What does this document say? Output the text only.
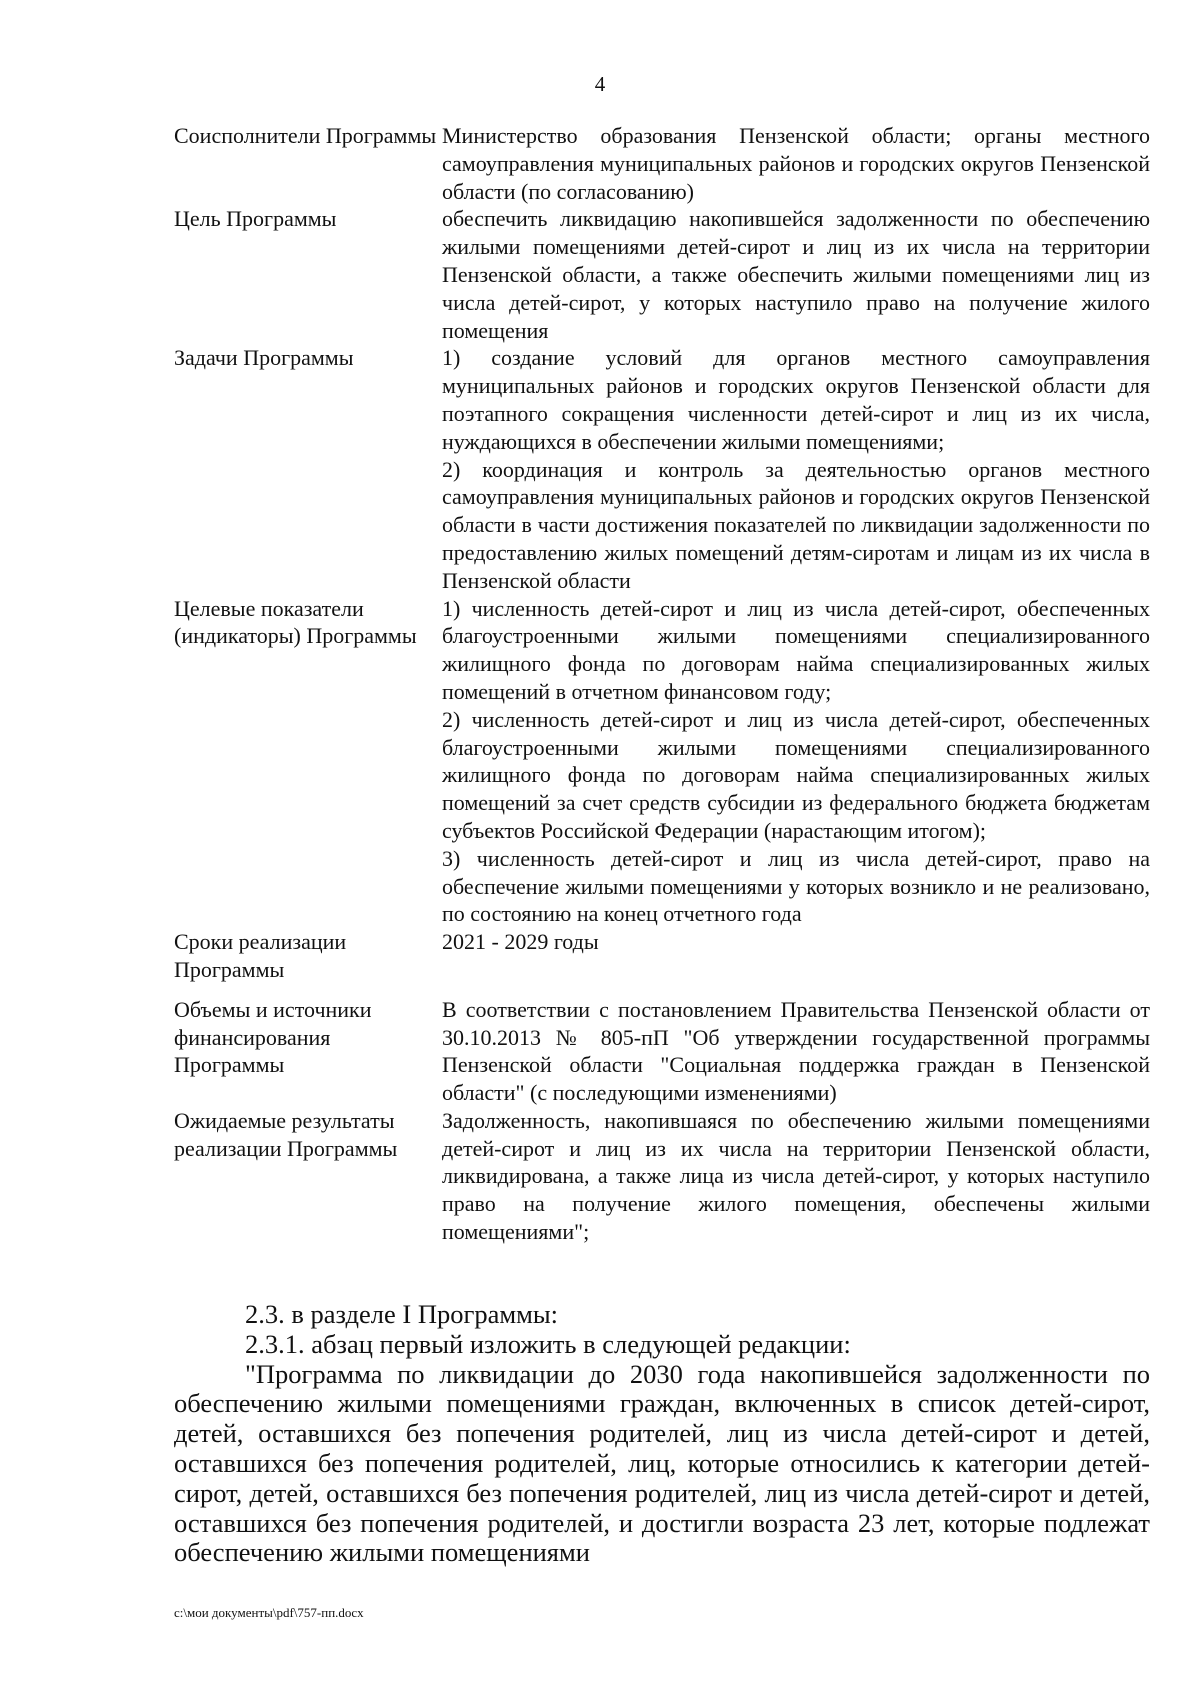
4
Соисполнители Программы	Министерство образования Пензенской области; органы местного самоуправления муниципальных районов и городских округов Пензенской области (по согласованию)

Цель Программы	обеспечить ликвидацию накопившейся задолженности по обеспечению жилыми помещениями детей-сирот и лиц из их числа на территории Пензенской области, а также обеспечить жилыми помещениями лиц из числа детей-сирот, у которых наступило право на получение жилого помещения

Задачи Программы	1) создание условий для органов местного самоуправления муниципальных районов и городских округов Пензенской области для поэтапного сокращения численности детей-сирот и лиц из их числа, нуждающихся в обеспечении жилыми помещениями;

2) координация и контроль за деятельностью органов местного самоуправления муниципальных районов и городских округов Пензенской области в части достижения показателей по ликвидации задолженности по предоставлению жилых помещений детям-сиротам и лицам из их числа в Пензенской области

Целевые показатели (индикаторы) Программы	1) численность детей-сирот и лиц из числа детей-сирот, обеспеченных благоустроенными жилыми помещениями специализированного жилищного фонда по договорам найма специализированных жилых помещений в отчетном финансовом году;

2) численность детей-сирот и лиц из числа детей-сирот, обеспеченных благоустроенными жилыми помещениями специализированного жилищного фонда по договорам найма специализированных жилых помещений за счет средств субсидии из федерального бюджета бюджетам субъектов Российской Федерации (нарастающим итогом);

3) численность детей-сирот и лиц из числа детей-сирот, право на обеспечение жилыми помещениями у которых возникло и не реализовано, по состоянию на конец отчетного года

Сроки реализации Программы	2021 - 2029 годы

Объемы и источники финансирования Программы	В соответствии с постановлением Правительства Пензенской области от 30.10.2013 № 805-пП "Об утверждении государственной программы Пензенской области "Социальная поддержка граждан в Пензенской области" (с последующими изменениями)

Ожидаемые результаты реализации Программы	Задолженность, накопившаяся по обеспечению жилыми помещениями детей-сирот и лиц из их числа на территории Пензенской области, ликвидирована, а также лица из числа детей-сирот, у которых наступило право на получение жилого помещения, обеспечены жилыми помещениями";

2.3. в разделе I Программы:

2.3.1. абзац первый изложить в следующей редакции:

"Программа по ликвидации до 2030 года накопившейся задолженности по обеспечению жилыми помещениями граждан, включенных в список детей-сирот, детей, оставшихся без попечения родителей, лиц из числа детей-сирот и детей, оставшихся без попечения родителей, лиц, которые относились к категории детей-сирот, детей, оставшихся без попечения родителей, лиц из числа детей-сирот и детей, оставшихся без попечения родителей, и достигли возраста 23 лет, которые подлежат обеспечению жилыми помещениями

c:\мои документы\pdf\757-пп.docx
